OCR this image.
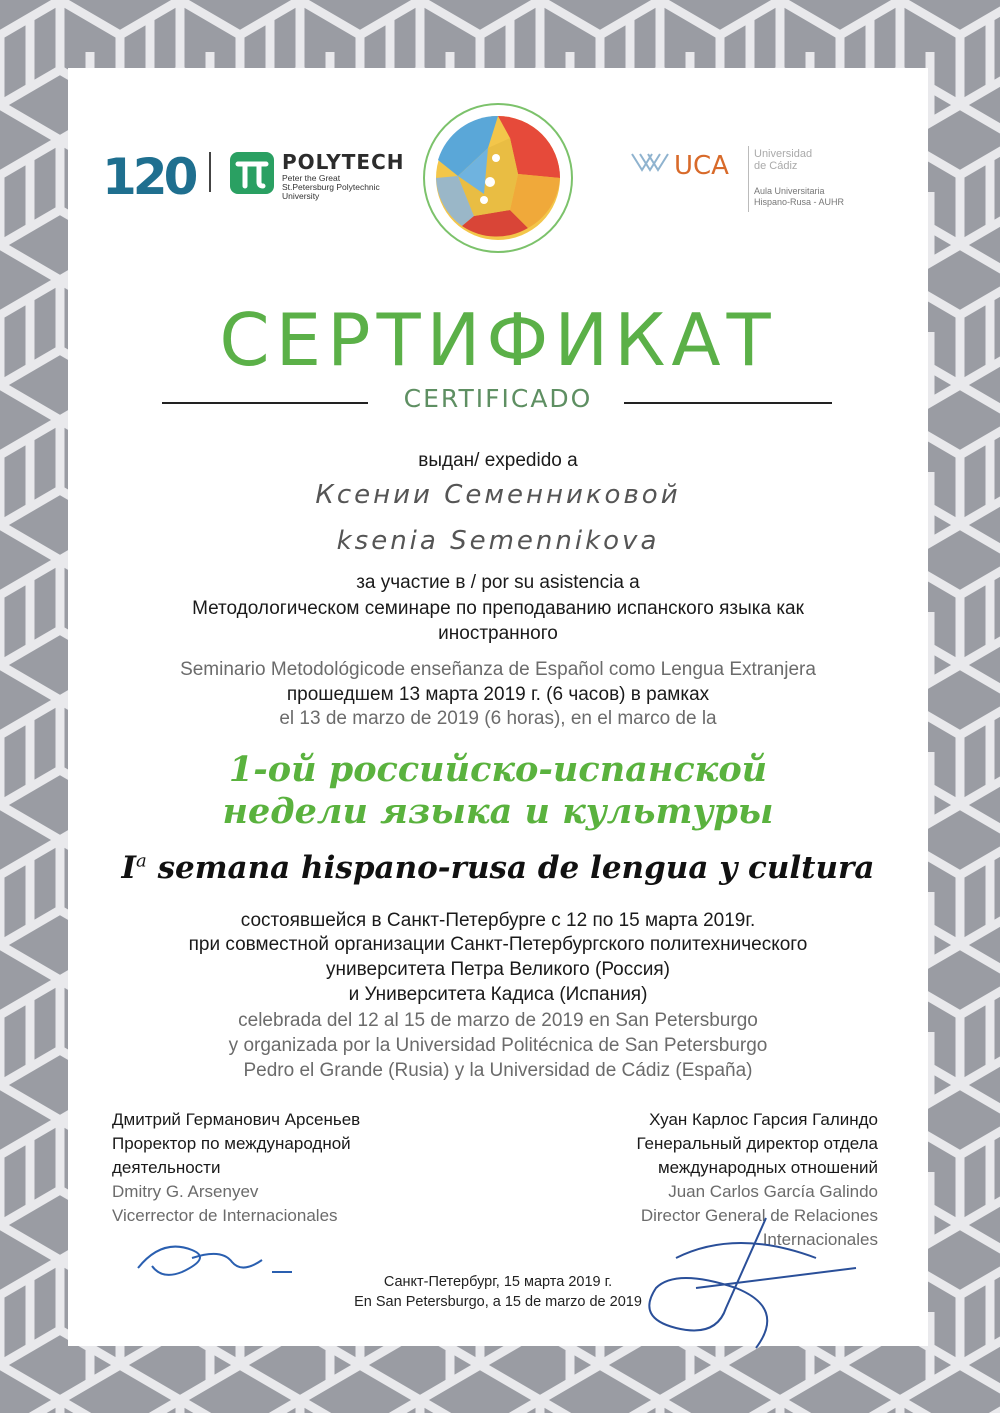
120	POLYTECH
Peter the Great
St.Petersburg Polytechnic
University
UCA Universidad
de Cádiz
Aula Universitaria
Hispano-Rusa - AUHR
СЕРТИФИКАТ
CERTIFICADO
выдан/ expedido a
Ксении Семенниковой
ksenia Semennikova
за участие в / por su asistencia a
Методологическом семинаре по преподаванию испанского языка как
иностранного
Seminario Metodológicode enseñanza de Español como Lengua Extranjera
прошедшем 13 марта 2019 г. (6 часов) в рамках
el 13 de marzo de 2019 (6 horas), en el marco de la
1-ой российско-испанской
недели языка и культуры
$I^a$ semana hispano-rusa de lengua y cultura
состоявшейся в Санкт-Петербурге с 12 по 15 марта 2019г.
при совместной организации Санкт-Петербургского политехнического
университета Петра Великого (Россия)
и Университета Кадиса (Испания)
celebrada del 12 al 15 de marzo de 2019 en San Petersburgo
y organizada por la Universidad Politécnica de San Petersburgo
Pedro el Grande (Rusia) y la Universidad de Cádiz (España)
Дмитрий Германович Арсеньев
Проректор по международной
деятельности
Dmitry G. Arsenyev
Vicerrector de Internacionales
Хуан Карлос Гарсия Галиндо
Генеральный директор отдела
международных отношений
Juan Carlos García Galindo
Director General de Relaciones
Internacionales
Санкт-Петербург, 15 марта 2019 г.
En San Petersburgo, a 15 de marzo de 2019
